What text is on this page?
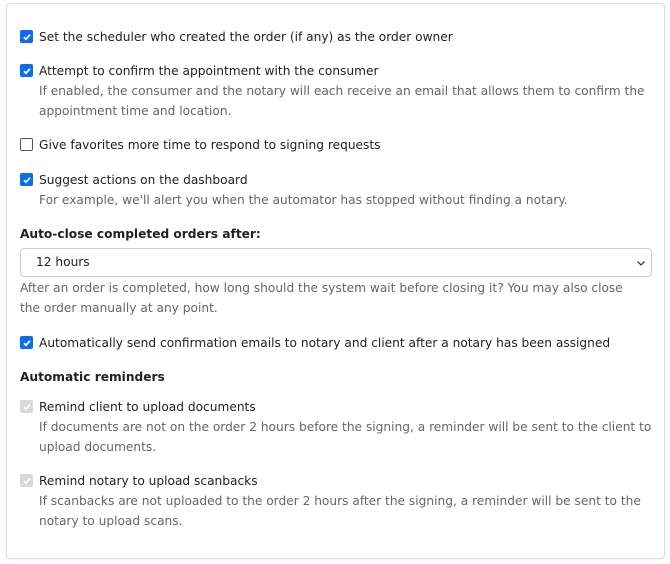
Set the scheduler who created the order (if any) as the order owner
Attempt to confirm the appointment with the consumer
If enabled, the consumer and the notary will each receive an email that allows them to confirm the appointment time and location.
Give favorites more time to respond to signing requests
Suggest actions on the dashboard
For example, we'll alert you when the automator has stopped without finding a notary.
Auto-close completed orders after:
12 hours
After an order is completed, how long should the system wait before closing it? You may also close the order manually at any point.
Automatically send confirmation emails to notary and client after a notary has been assigned
Automatic reminders
Remind client to upload documents
If documents are not on the order 2 hours before the signing, a reminder will be sent to the client to upload documents.
Remind notary to upload scanbacks
If scanbacks are not uploaded to the order 2 hours after the signing, a reminder will be sent to the notary to upload scans.
